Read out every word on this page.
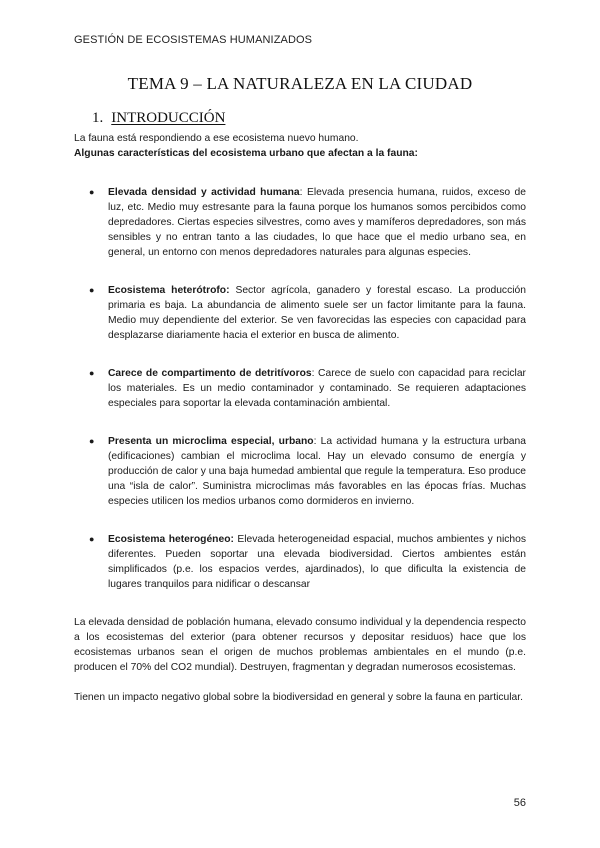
GESTIÓN DE ECOSISTEMAS HUMANIZADOS
TEMA 9 – LA NATURALEZA EN LA CIUDAD
1. INTRODUCCIÓN

La fauna está respondiendo a ese ecosistema nuevo humano.

Algunas características del ecosistema urbano que afectan a la fauna:

● Elevada densidad y actividad humana: Elevada presencia humana, ruidos, exceso de luz, etc. Medio muy estresante para la fauna porque los humanos somos percibidos como depredadores. Ciertas especies silvestres, como aves y mamíferos depredadores, son más sensibles y no entran tanto a las ciudades, lo que hace que el medio urbano sea, en general, un entorno con menos depredadores naturales para algunas especies.
● Ecosistema heterótrofo: Sector agrícola, ganadero y forestal escaso. La producción primaria es baja. La abundancia de alimento suele ser un factor limitante para la fauna. Medio muy dependiente del exterior. Se ven favorecidas las especies con capacidad para desplazarse diariamente hacia el exterior en busca de alimento.
● Carece de compartimento de detritívoros: Carece de suelo con capacidad para reciclar los materiales. Es un medio contaminador y contaminado. Se requieren adaptaciones especiales para soportar la elevada contaminación ambiental.
● Presenta un microclima especial, urbano: La actividad humana y la estructura urbana (edificaciones) cambian el microclima local. Hay un elevado consumo de energía y producción de calor y una baja humedad ambiental que regule la temperatura. Eso produce una “isla de calor”. Suministra microclimas más favorables en las épocas frías. Muchas especies utilicen los medios urbanos como dormideros en invierno.
● Ecosistema heterogéneo: Elevada heterogeneidad espacial, muchos ambientes y nichos diferentes. Pueden soportar una elevada biodiversidad. Ciertos ambientes están simplificados (p.e. los espacios verdes, ajardinados), lo que dificulta la existencia de lugares tranquilos para nidificar o descansar

La elevada densidad de población humana, elevado consumo individual y la dependencia respecto a los ecosistemas del exterior (para obtener recursos y depositar residuos) hace que los ecosistemas urbanos sean el origen de muchos problemas ambientales en el mundo (p.e. producen el 70% del CO2 mundial). Destruyen, fragmentan y degradan numerosos ecosistemas.

Tienen un impacto negativo global sobre la biodiversidad en general y sobre la fauna en particular.

56
